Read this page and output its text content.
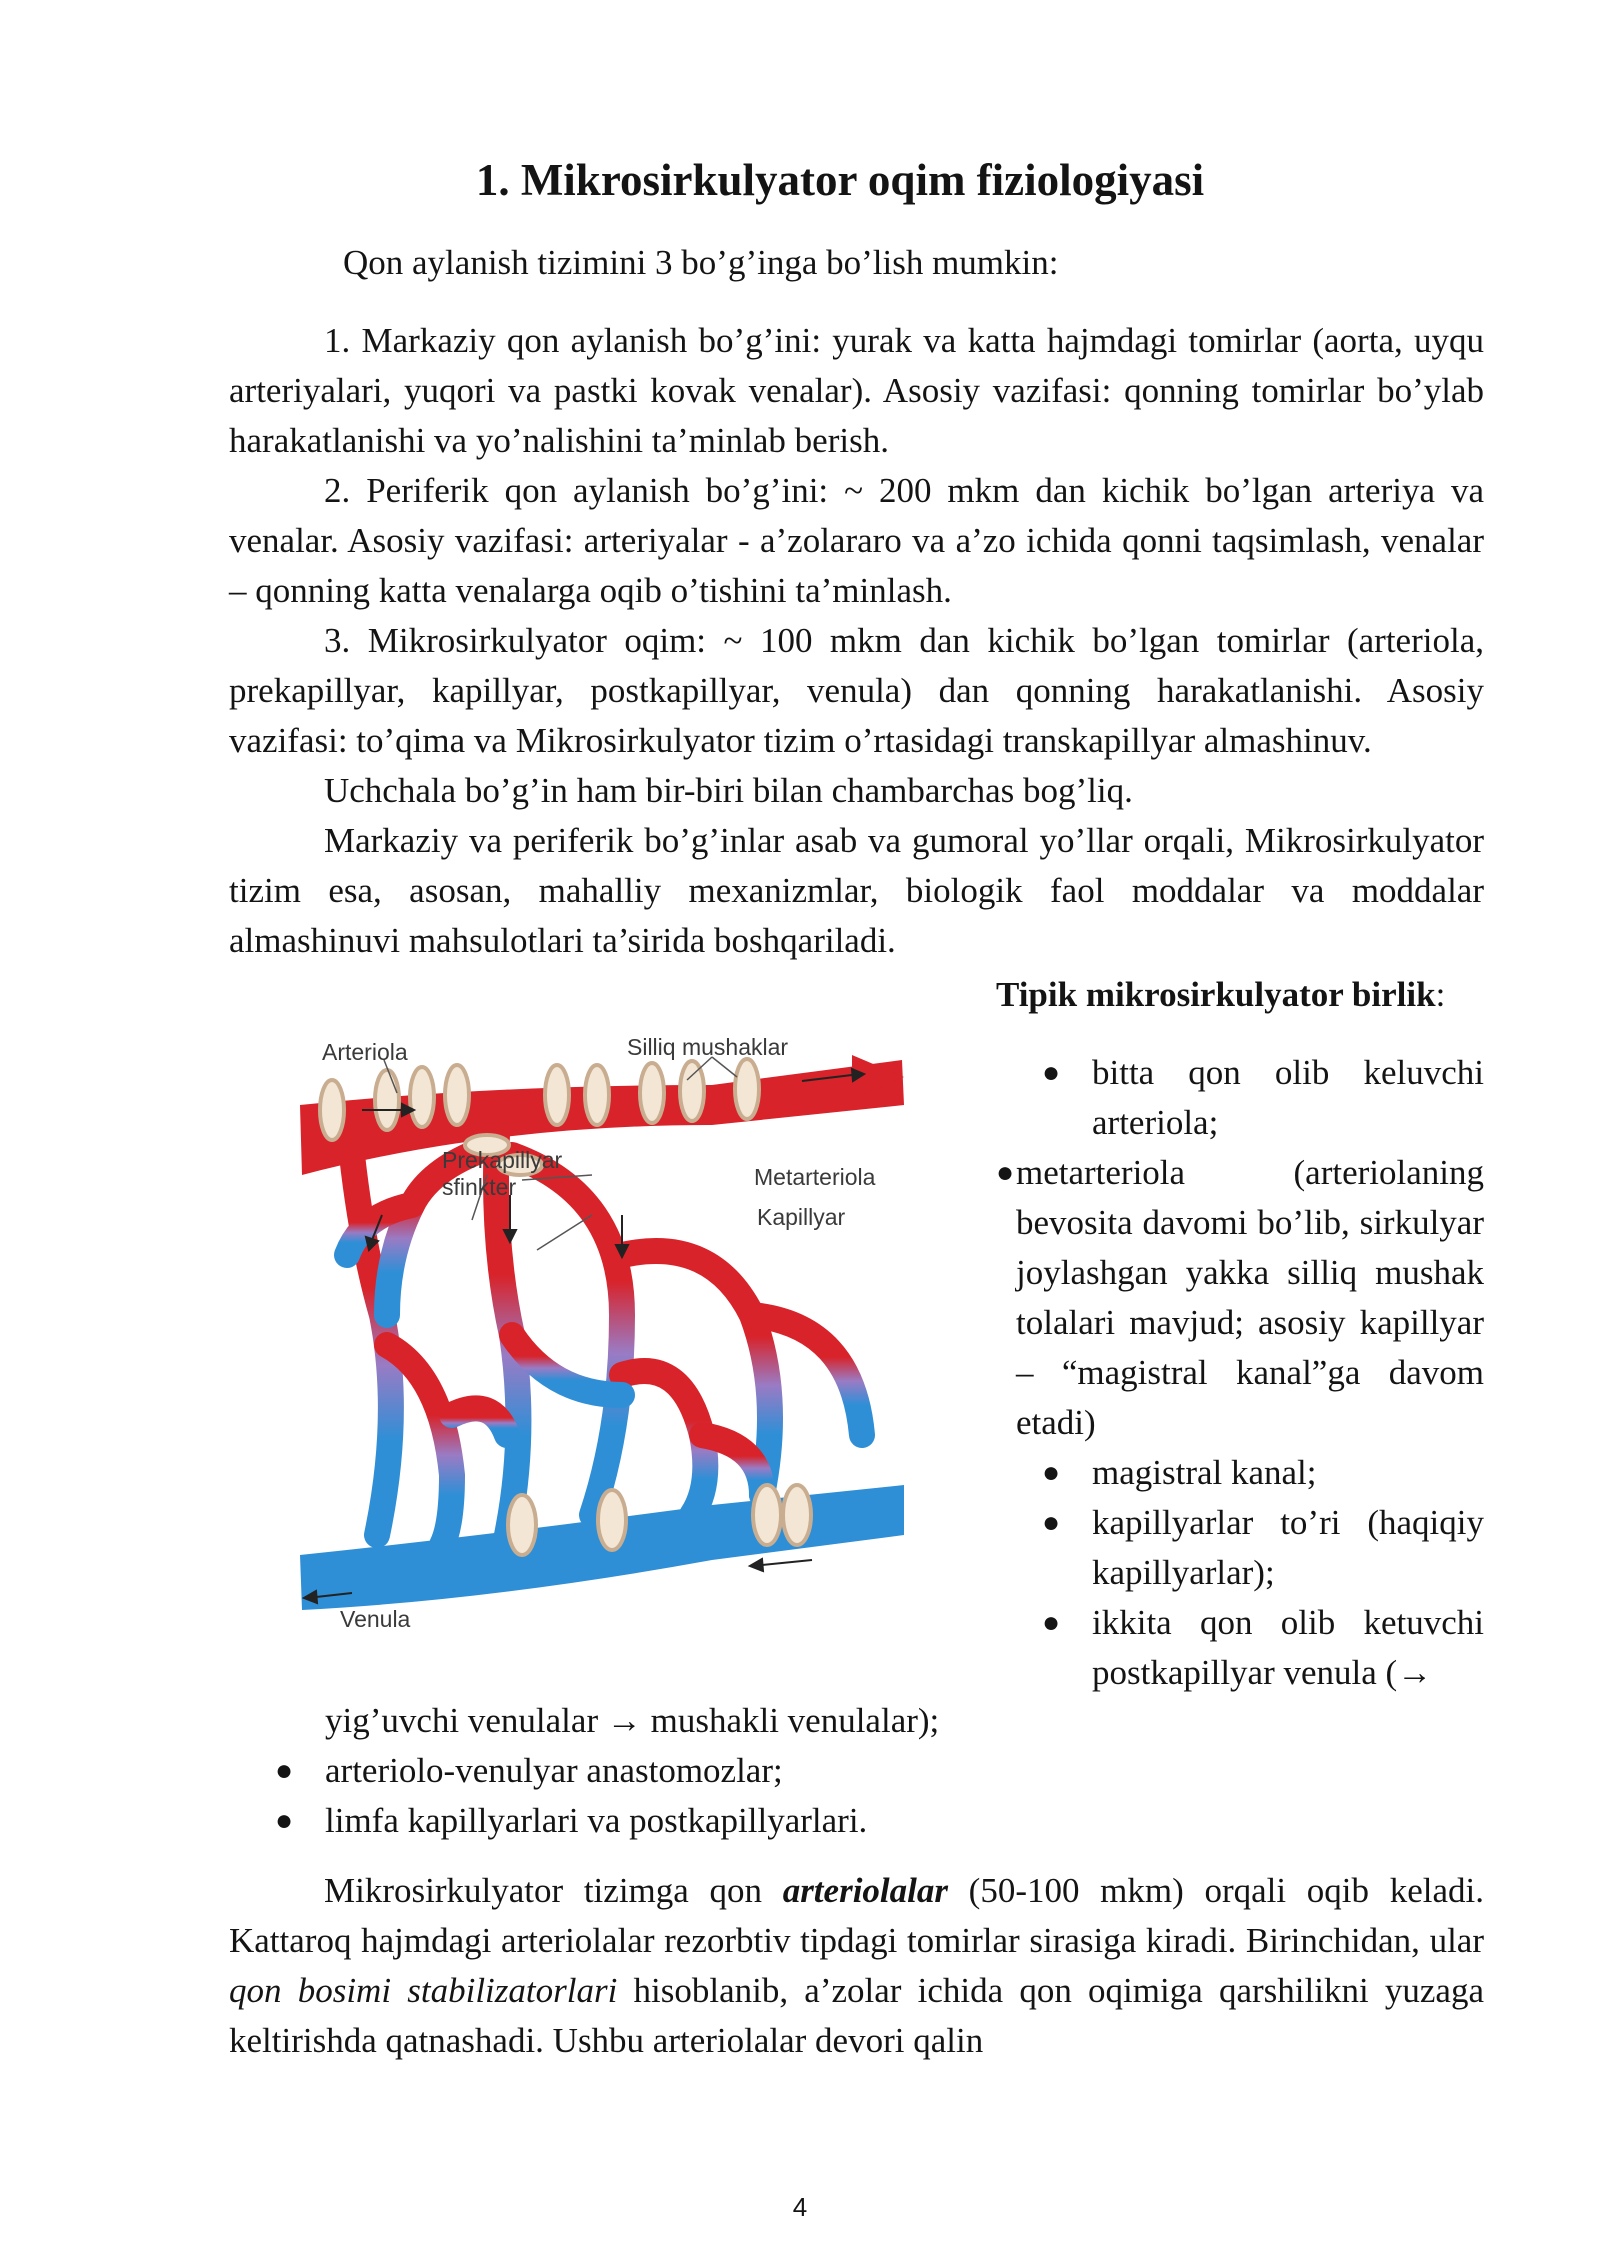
1. Mikrosirkulyator oqim fiziologiyasi
Qon aylanish tizimini 3 bo’g’inga bo’lish mumkin:

1. Markaziy qon aylanish bo’g’ini: yurak va katta hajmdagi tomirlar (aorta, uyqu arteriyalari, yuqori va pastki kovak venalar). Asosiy vazifasi: qonning tomirlar bo’ylab harakatlanishi va yo’nalishini ta’minlab berish.

2. Periferik qon aylanish bo’g’ini: ~ 200 mkm dan kichik bo’lgan arteriya va venalar. Asosiy vazifasi: arteriyalar - a’zolararo va a’zo ichida qonni taqsimlash, venalar – qonning katta venalarga oqib o’tishini ta’minlash.

3. Mikrosirkulyator oqim: ~ 100 mkm dan kichik bo’lgan tomirlar (arteriola, prekapillyar, kapillyar, postkapillyar, venula) dan qonning harakatlanishi. Asosiy vazifasi: to’qima va Mikrosirkulyator tizim o’rtasidagi transkapillyar almashinuv.

Uchchala bo’g’in ham bir-biri bilan chambarchas bog’liq.

Markaziy va periferik bo’g’inlar asab va gumoral yo’llar orqali, Mikrosirkulyator tizim esa, asosan, mahalliy mexanizmlar, biologik faol moddalar va moddalar almashinuvi mahsulotlari ta’sirida boshqariladi.

Arteriola	Silliq mushaklar
Prekapillyar
sfinkter	Metarteriola
Kapillyar
Venula

Tipik mikrosirkulyator birlik:

● bitta qon olib keluvchi arteriola;
● metarteriola (arteriolaning bevosita davomi bo’lib, sirkulyar joylashgan yakka silliq mushak tolalari mavjud; asosiy kapillyar – “magistral kanal”ga davom etadi)
● magistral kanal;
● kapillyarlar to’ri (haqiqiy kapillyarlar);
● ikkita qon olib ketuvchi postkapillyar venula (→
yig’uvchi venulalar → mushakli venulalar);
● arteriolo-venulyar anastomozlar;
● limfa kapillyarlari va postkapillyarlari.

Mikrosirkulyator tizimga qon arteriolalar (50-100 mkm) orqali oqib keladi. Kattaroq hajmdagi arteriolalar rezorbtiv tipdagi tomirlar sirasiga kiradi. Birinchidan, ular qon bosimi stabilizatorlari hisoblanib, a’zolar ichida qon oqimiga qarshilikni yuzaga keltirishda qatnashadi. Ushbu arteriolalar devori qalin

4
